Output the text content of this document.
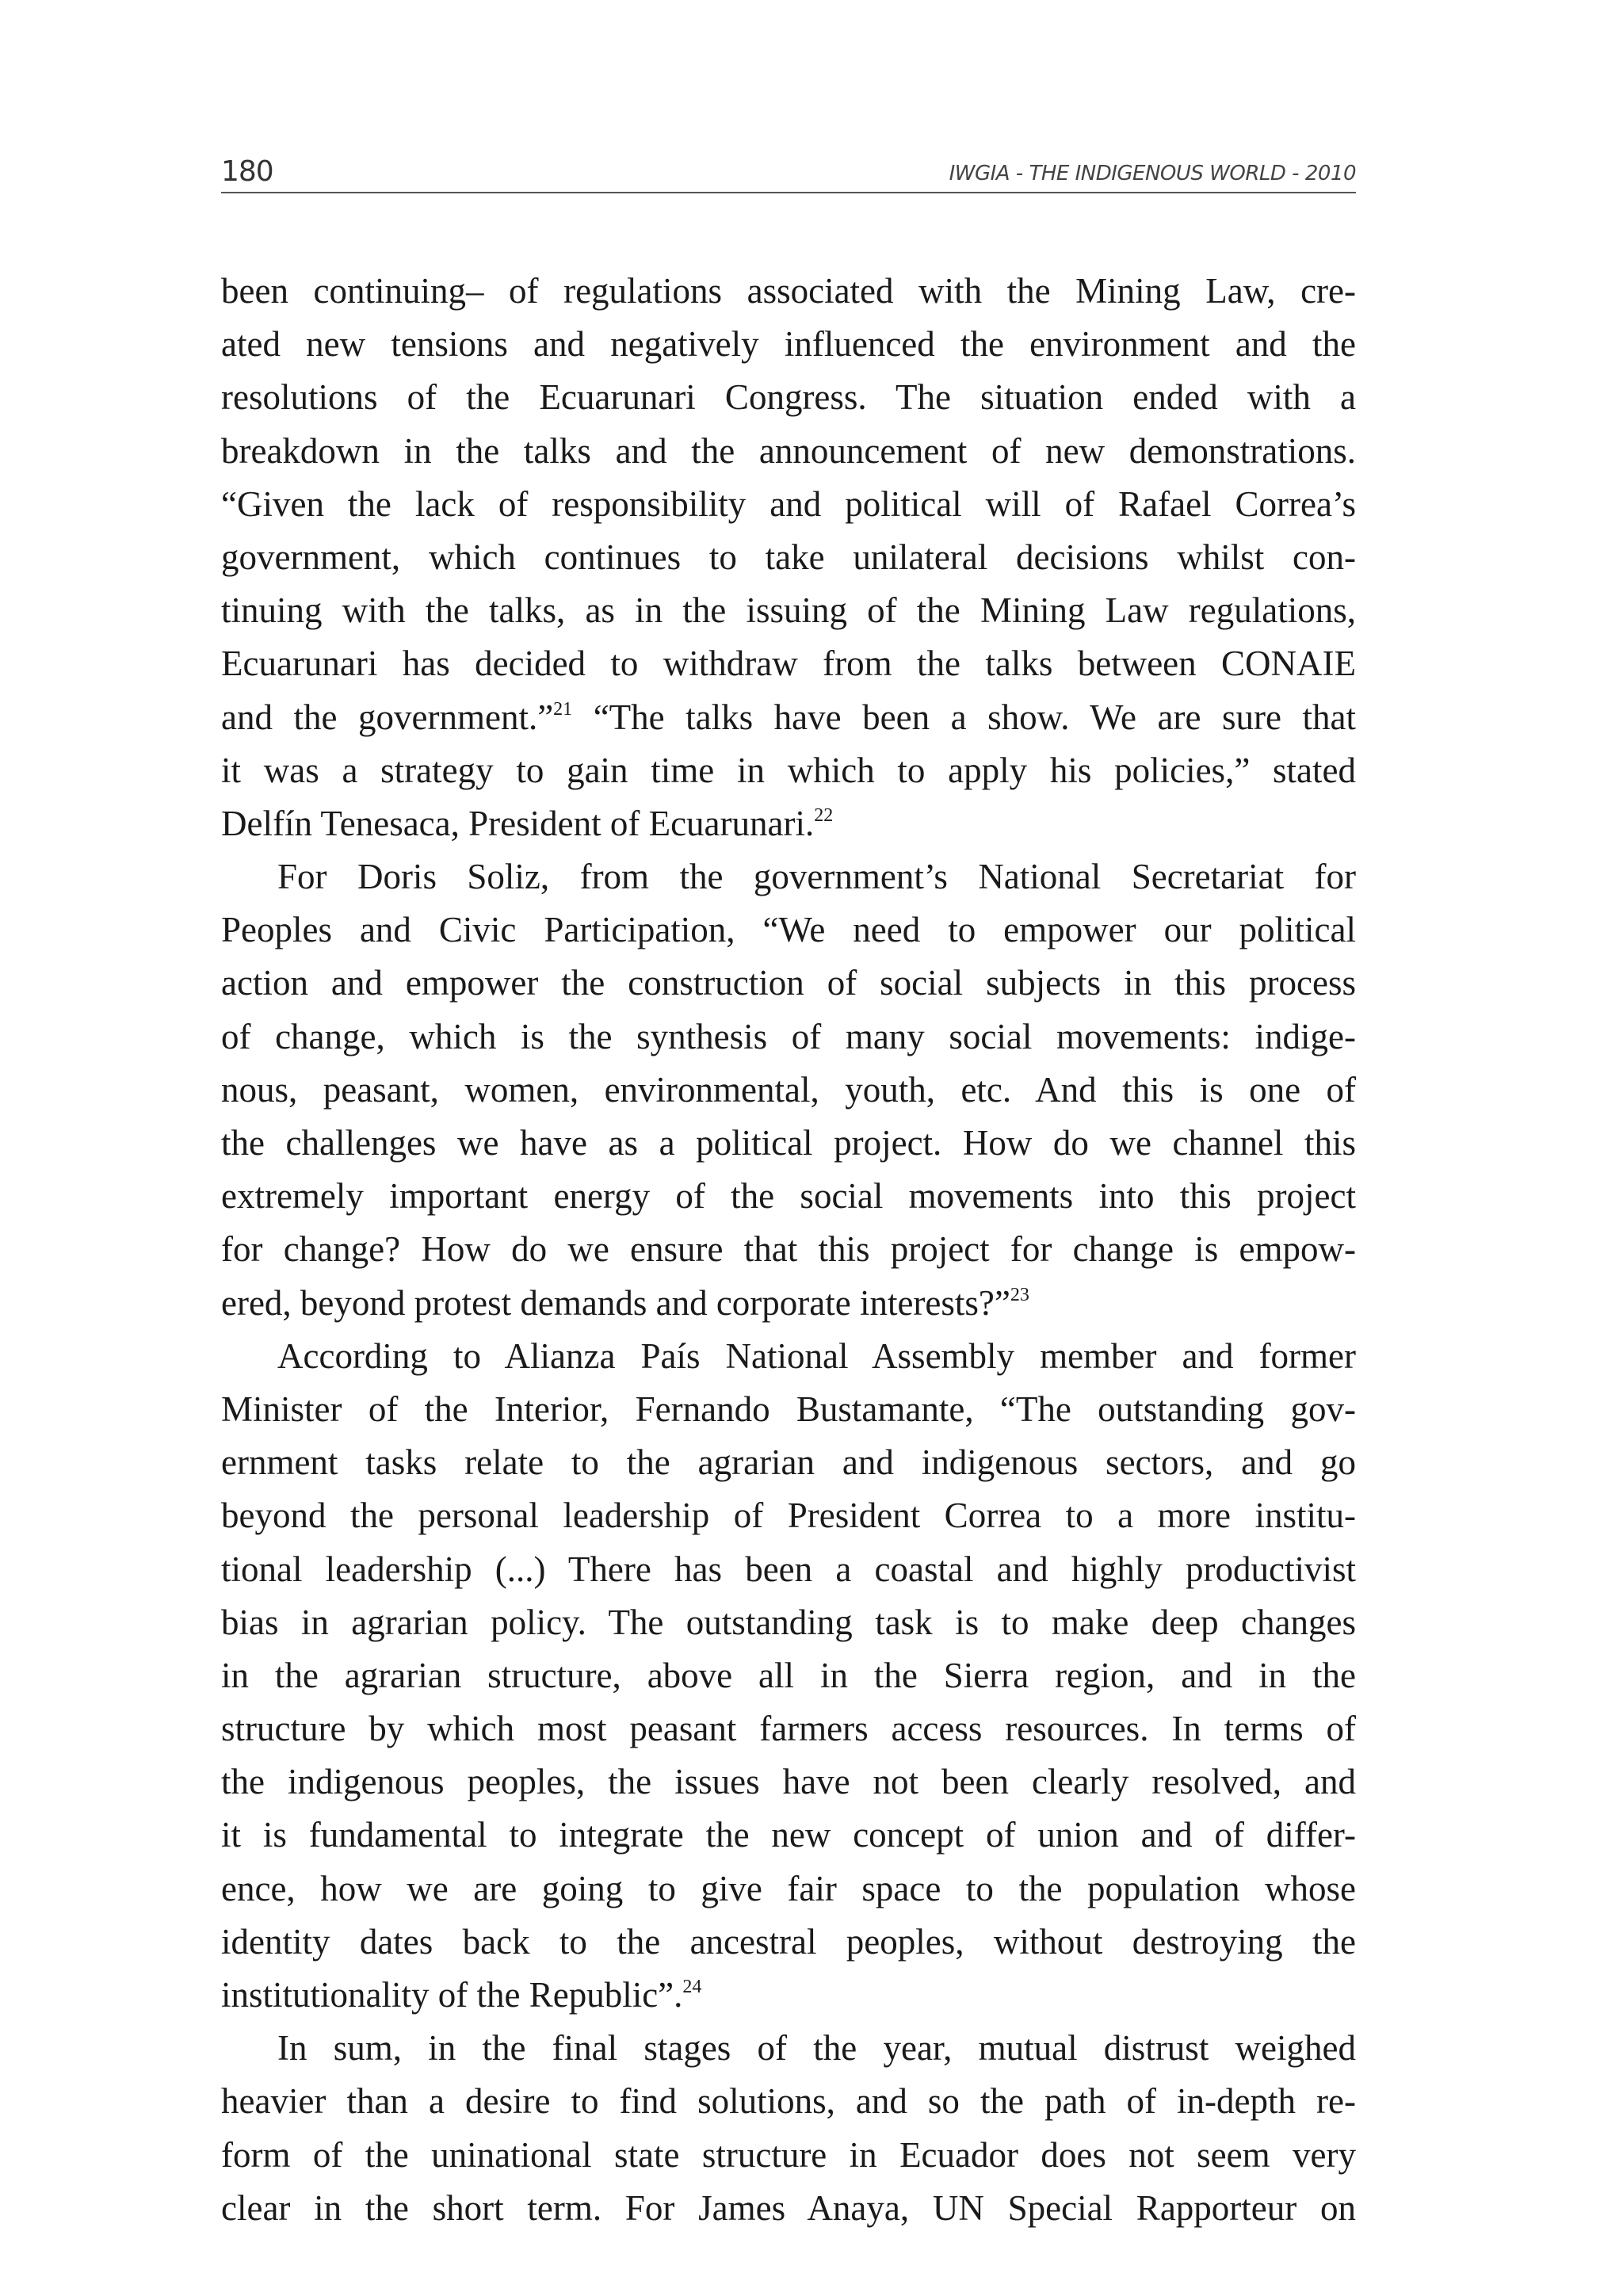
180	IWGIA - THE INDIGENOUS WORLD - 2010
been continuing– of regulations associated with the Mining Law, cre-
ated new tensions and negatively influenced the environment and the
resolutions of the Ecuarunari Congress. The situation ended with a
breakdown in the talks and the announcement of new demonstrations.
“Given the lack of responsibility and political will of Rafael Correa’s
government, which continues to take unilateral decisions whilst con-
tinuing with the talks, as in the issuing of the Mining Law regulations,
Ecuarunari has decided to withdraw from the talks between CONAIE
and the government.”$^{21}$ “The talks have been a show. We are sure that
it was a strategy to gain time in which to apply his policies,” stated
Delfín Tenesaca, President of Ecuarunari.$^{22}$
For Doris Soliz, from the government’s National Secretariat for
Peoples and Civic Participation, “We need to empower our political
action and empower the construction of social subjects in this process
of change, which is the synthesis of many social movements: indige-
nous, peasant, women, environmental, youth, etc. And this is one of
the challenges we have as a political project. How do we channel this
extremely important energy of the social movements into this project
for change? How do we ensure that this project for change is empow-
ered, beyond protest demands and corporate interests?”$^{23}$
According to Alianza País National Assembly member and former
Minister of the Interior, Fernando Bustamante, “The outstanding gov-
ernment tasks relate to the agrarian and indigenous sectors, and go
beyond the personal leadership of President Correa to a more institu-
tional leadership (...) There has been a coastal and highly productivist
bias in agrarian policy. The outstanding task is to make deep changes
in the agrarian structure, above all in the Sierra region, and in the
structure by which most peasant farmers access resources. In terms of
the indigenous peoples, the issues have not been clearly resolved, and
it is fundamental to integrate the new concept of union and of differ-
ence, how we are going to give fair space to the population whose
identity dates back to the ancestral peoples, without destroying the
institutionality of the Republic”.$^{24}$
In sum, in the final stages of the year, mutual distrust weighed
heavier than a desire to find solutions, and so the path of in-depth re-
form of the uninational state structure in Ecuador does not seem very
clear in the short term. For James Anaya, UN Special Rapporteur on
